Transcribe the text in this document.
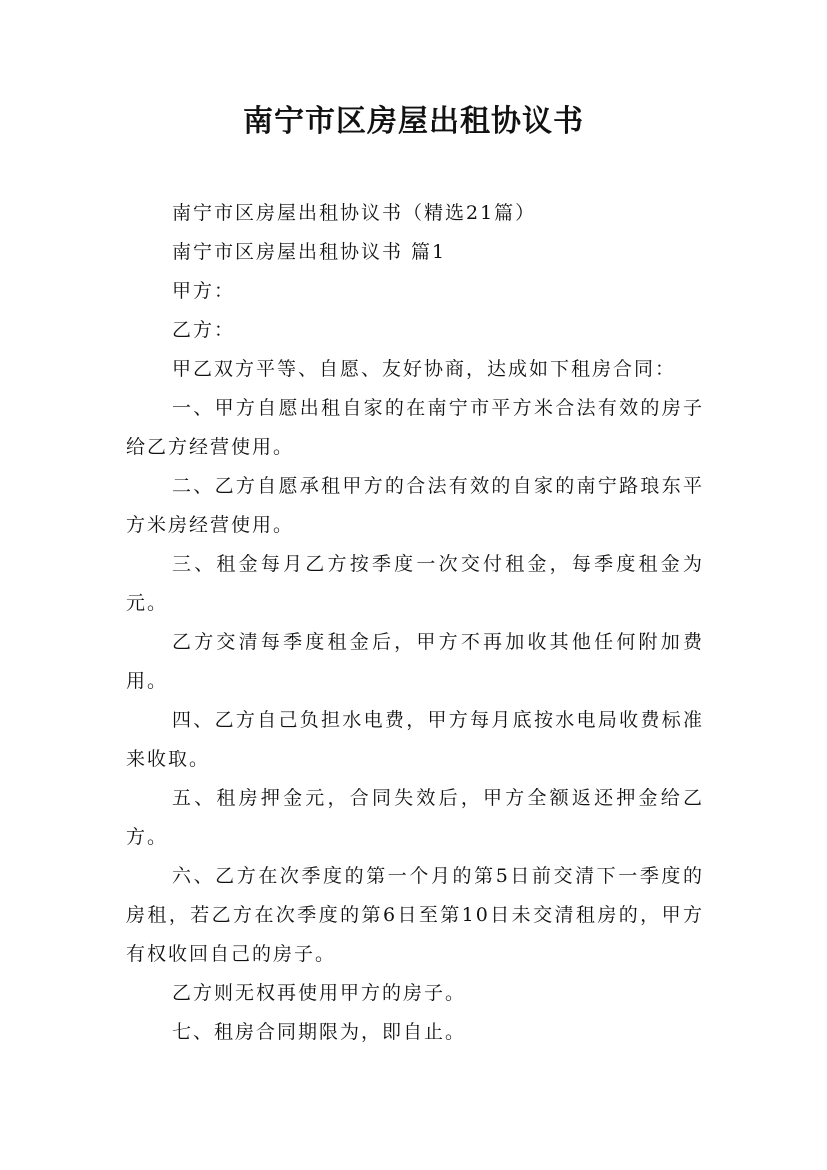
南宁市区房屋出租协议书

南宁市区房屋出租协议书（精选21篇）

南宁市区房屋出租协议书 篇1

甲方：

乙方：

甲乙双方平等、自愿、友好协商，达成如下租房合同：

一、甲方自愿出租自家的在南宁市平方米合法有效的房子给乙方经营使用。

二、乙方自愿承租甲方的合法有效的自家的南宁路琅东平方米房经营使用。

三、租金每月乙方按季度一次交付租金，每季度租金为元。

乙方交清每季度租金后，甲方不再加收其他任何附加费用。

四、乙方自己负担水电费，甲方每月底按水电局收费标准来收取。

五、租房押金元，合同失效后，甲方全额返还押金给乙方。

六、乙方在次季度的第一个月的第5日前交清下一季度的房租，若乙方在次季度的第6日至第10日未交清租房的，甲方有权收回自己的房子。

乙方则无权再使用甲方的房子。

七、租房合同期限为，即自止。
